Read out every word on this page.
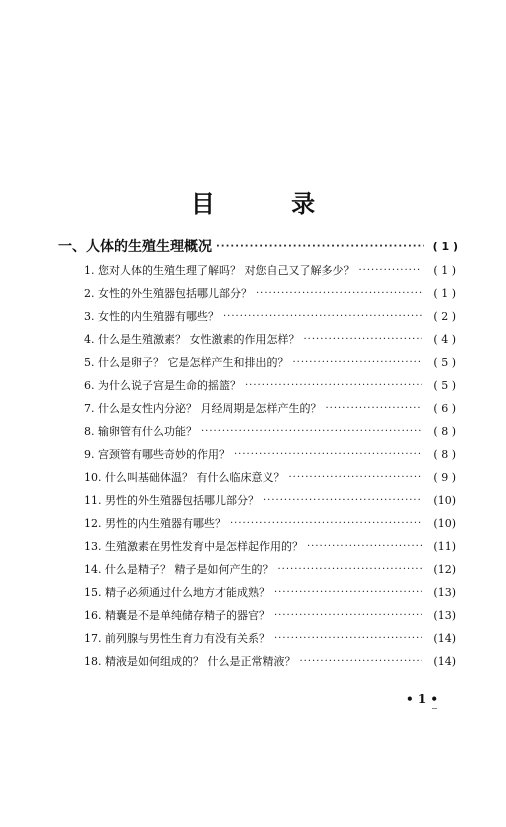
目 录
一、人体的生殖生理概况 ·····	( 1 )
1. 您对人体的生殖生理了解吗？ 对您自己又了解多少？ ·····	( 1 )
2. 女性的外生殖器包括哪儿部分？ ·····	( 1 )
3. 女性的内生殖器有哪些？ ·····	( 2 )
4. 什么是生殖激素？ 女性激素的作用怎样？ ·····	( 4 )
5. 什么是卵子？ 它是怎样产生和排出的？ ·····	( 5 )
6. 为什么说子宫是生命的摇篮？ ·····	( 5 )
7. 什么是女性内分泌？ 月经周期是怎样产生的？ ·····	( 6 )
8. 输卵管有什么功能？ ·····	( 8 )
9. 宫颈管有哪些奇妙的作用？ ·····	( 8 )
10. 什么叫基础体温？ 有什么临床意义？ ·····	( 9 )
11. 男性的外生殖器包括哪儿部分？ ·····	(10)
12. 男性的内生殖器有哪些？ ·····	(10)
13. 生殖激素在男性发育中是怎样起作用的？ ·····	(11)
14. 什么是精子？ 精子是如何产生的？ ·····	(12)
15. 精子必须通过什么地方才能成熟？ ·····	(13)
16. 精囊是不是单纯储存精子的器官？ ·····	(13)
17. 前列腺与男性生育力有没有关系？ ·····	(14)
18. 精液是如何组成的？ 什么是正常精液？ ·····	(14)
• 1 •
